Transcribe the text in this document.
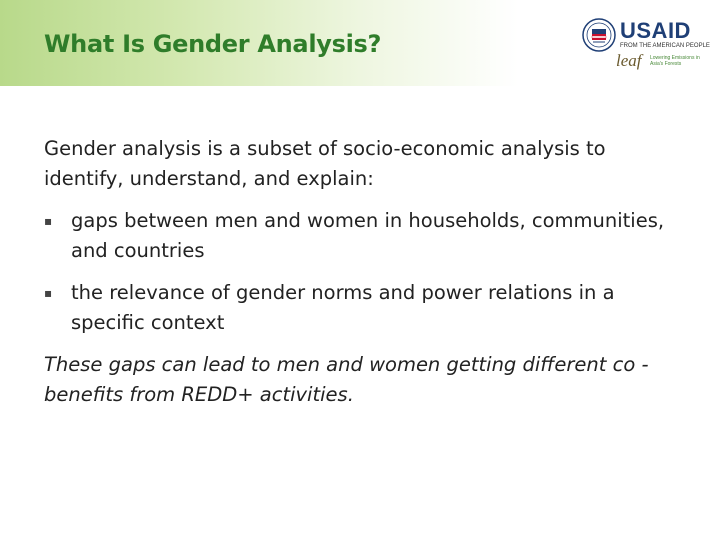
What Is Gender Analysis?	USAID
FROM THE AMERICAN PEOPLE
leaf Lowering Emissions in Asia's Forests

Gender analysis is a subset of socio-economic analysis to identify, understand, and explain:

▪ gaps between men and women in households, communities, and countries
▪ the relevance of gender norms and power relations in a specific context

These gaps can lead to men and women getting different co -benefits from REDD+ activities.
